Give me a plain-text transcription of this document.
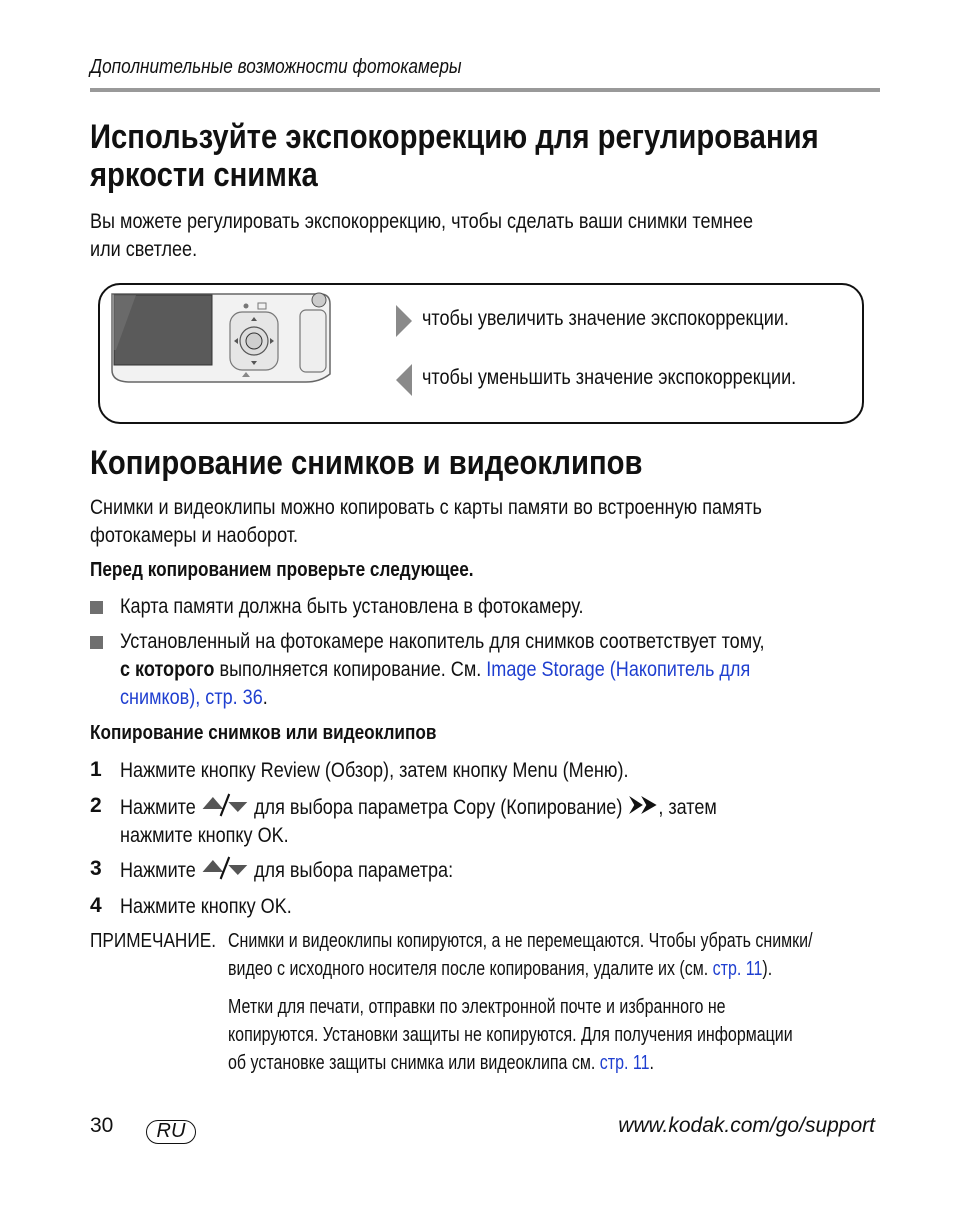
Дополнительные возможности фотокамеры
Используйте экспокоррекцию для регулирования
яркости снимка
Вы можете регулировать экспокоррекцию, чтобы сделать ваши снимки темнее
или светлее.
чтобы увеличить значение экспокоррекции.
чтобы уменьшить значение экспокоррекции.
Копирование снимков и видеоклипов
Снимки и видеоклипы можно копировать с карты памяти во встроенную память
фотокамеры и наоборот.
Перед копированием проверьте следующее.
Карта памяти должна быть установлена в фотокамеру.
Установленный на фотокамере накопитель для снимков соответствует тому,
с которого выполняется копирование. См. Image Storage (Накопитель для
снимков), стр. 36.
Копирование снимков или видеоклипов
1 Нажмите кнопку Review (Обзор), затем кнопку Menu (Меню).
2 Нажмите	для выбора параметра Copy (Копирование) , затем
нажмите кнопку OK.
3 Нажмите	для выбора параметра:
4 Нажмите кнопку OK.
ПРИМЕЧАНИЕ. Снимки и видеоклипы копируются, а не перемещаются. Чтобы убрать снимки/
видео с исходного носителя после копирования, удалите их (см. стр. 11).
Метки для печати, отправки по электронной почте и избранного не
копируются. Установки защиты не копируются. Для получения информации
об установке защиты снимка или видеоклипа см. стр. 11.
30	RU	www.kodak.com/go/support
